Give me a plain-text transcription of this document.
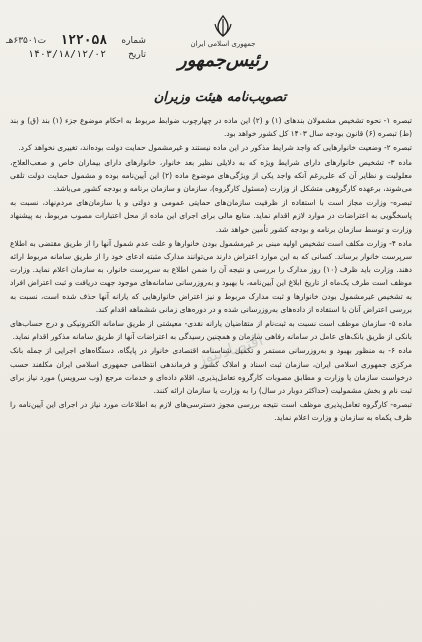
ت۶۳۵۰۱هـ ۱۲۲۰۵۸ شماره
۱۴۰۳/۱۸/۱۲/۰۲ تاریخ
جمهوری اسلامی ایران
رئیس‌جمهور
تصویب‌نامه هیئت وزیران

تبصره ۱- نحوه تشخیص مشمولان بندهای (۱) و (۲) این ماده در چهارچوب ضوابط مربوط به احکام موضوع جزء (۱) بند (ق) و بند (ط) تبصره (۶) قانون بودجه سال ۱۴۰۳ کل کشور خواهد بود.

تبصره ۲- وضعیت خانوارهایی که واجد شرایط مذکور در این ماده نیستند و غیرمشمول حمایت دولت بوده‌اند، تغییری نخواهد کرد.

ماده ۳- تشخیص خانوارهای دارای شرایط ویژه که به دلایلی نظیر بعد خانوار، خانوارهای دارای بیماران خاص و صعب‌العلاج، معلولیت و نظایر آن که علی‌رغم آنکه واجد یکی از ویژگی‌های موضوع ماده (۲) این آیین‌نامه بوده و مشمول حمایت دولت تلقی می‌شوند، برعهده کارگروهی متشکل از وزارت (مسئول کارگروه)، سازمان و سازمان برنامه و بودجه کشور می‌باشد.

تبصره- وزارت مجاز است با استفاده از ظرفیت سازمان‌های حمایتی عمومی و دولتی و یا سازمان‌های مردم‌نهاد، نسبت به پاسخگویی به اعتراضات در موارد لازم اقدام نماید. منابع مالی برای اجرای این ماده از محل اعتبارات مصوب مربوط، به پیشنهاد وزارت و توسط سازمان برنامه و بودجه کشور تأمین خواهد شد.

ماده ۴- وزارت مکلف است تشخیص اولیه مبنی بر غیرمشمول بودن خانوارها و علت عدم شمول آنها را از طریق مقتضی به اطلاع سرپرست خانوار برساند. کسانی که به این موارد اعتراض دارند می‌توانند مدارک مثبته ادعای خود را از طریق سامانه مربوط ارائه دهند. وزارت باید ظرف (۱۰) روز مدارک را بررسی و نتیجه آن را ضمن اطلاع به سرپرست خانوار، به سازمان اعلام نماید. وزارت موظف است طرف یک‌ماه از تاریخ ابلاغ این آیین‌نامه، با بهبود و به‌روزرسانی سامانه‌های موجود جهت دریافت و ثبت اعتراض افراد به تشخیص غیرمشمول بودن خانوارها و ثبت مدارک مربوط و نیز اعتراض خانوارهایی که یارانه آنها حذف شده است، نسبت به بررسی اعتراض آنان با استفاده از داده‌های به‌روزرسانی شده و در دوره‌های زمانی ششماهه اقدام کند.

ماده ۵- سازمان موظف است نسبت به ثبت‌نام از متقاضیان یارانه نقدی- معیشتی از طریق سامانه الکترونیکی و درج حساب‌های بانکی از طریق بانک‌های عامل در سامانه رفاهی سازمان و همچنین رسیدگی به اعتراضات آنها از طریق سامانه مذکور اقدام نماید.

ماده ۶- به منظور بهبود و به‌روزرسانی مستمر و تکمیل شناسنامه اقتصادی خانوار در پایگاه، دستگاه‌های اجرایی از جمله بانک مرکزی جمهوری اسلامی ایران، سازمان ثبت اسناد و املاک کشور و فرماندهی انتظامی جمهوری اسلامی ایران مکلفند حسب درخواست سازمان یا وزارت و مطابق مصوبات کارگروه تعامل‌پذیری، اقلام داده‌ای و خدمات مرجع (وب سرویس) مورد نیاز برای ثبت نام و بخش مشمولیت (حداکثر دوبار در سال) را به وزارت یا سازمان ارائه کنند.

تبصره- کارگروه تعامل‌پذیری موظف است نتیجه بررسی مجوز دسترسی‌های لازم به اطلاعات مورد نیاز در اجرای این آیین‌نامه را ظرف یکماه به سازمان و وزارت اعلام نماید.

اقتصادنیوز
